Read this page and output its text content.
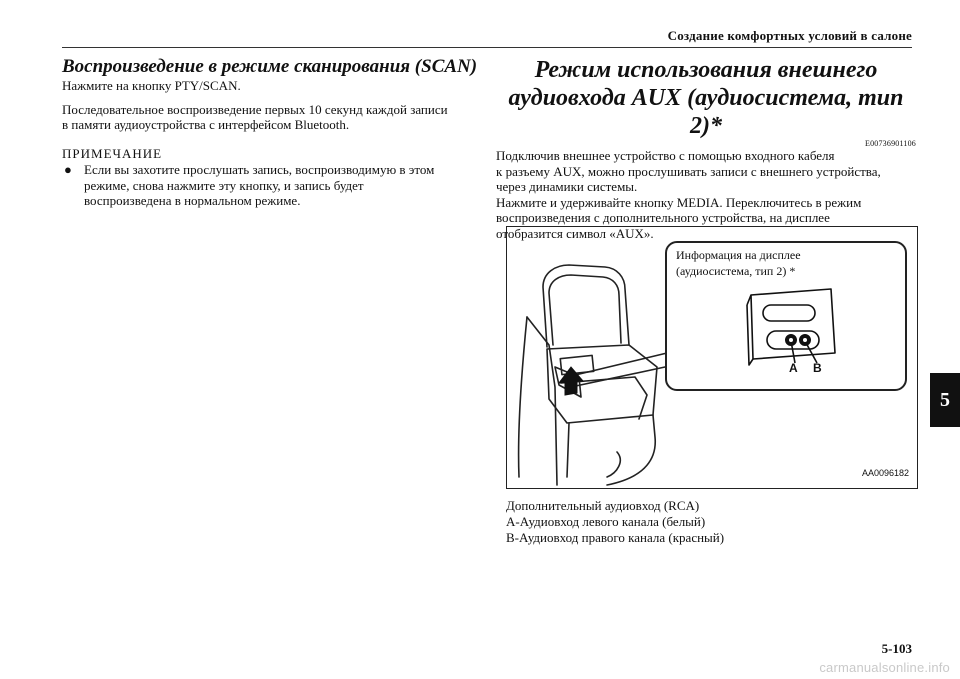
Создание комфортных условий в салоне
Воспроизведение в режиме сканирования (SCAN)

Нажмите на кнопку PTY/SCAN.

Последовательное воспроизведение первых 10 секунд каждой записи

в памяти аудиоустройства с интерфейсом Bluetooth.

ПРИМЕЧАНИЕ

● Если вы захотите прослушать запись, воспроизводимую в этом

режиме, снова нажмите эту кнопку, и запись будет

воспроизведена в нормальном режиме.

Режим использования внешнего
аудиовхода AUX (аудиосистема, тип 2)*
E00736901106

Подключив внешнее устройство с помощью входного кабеля

к разъему AUX, можно прослушивать записи с внешнего устройства,

через динамики системы.

Нажмите и удерживайте кнопку MEDIA. Переключитесь в режим

воспроизведения с дополнительного устройства, на дисплее

отобразится символ «AUX».

Информация на дисплее
(аудиосистема, тип 2) *
A B
AA0096182
Дополнительный аудиовход (RCA)
A-Аудиовход левого канала (белый)
B-Аудиовход правого канала (красный)
5
5-103
carmanualsonline.info
